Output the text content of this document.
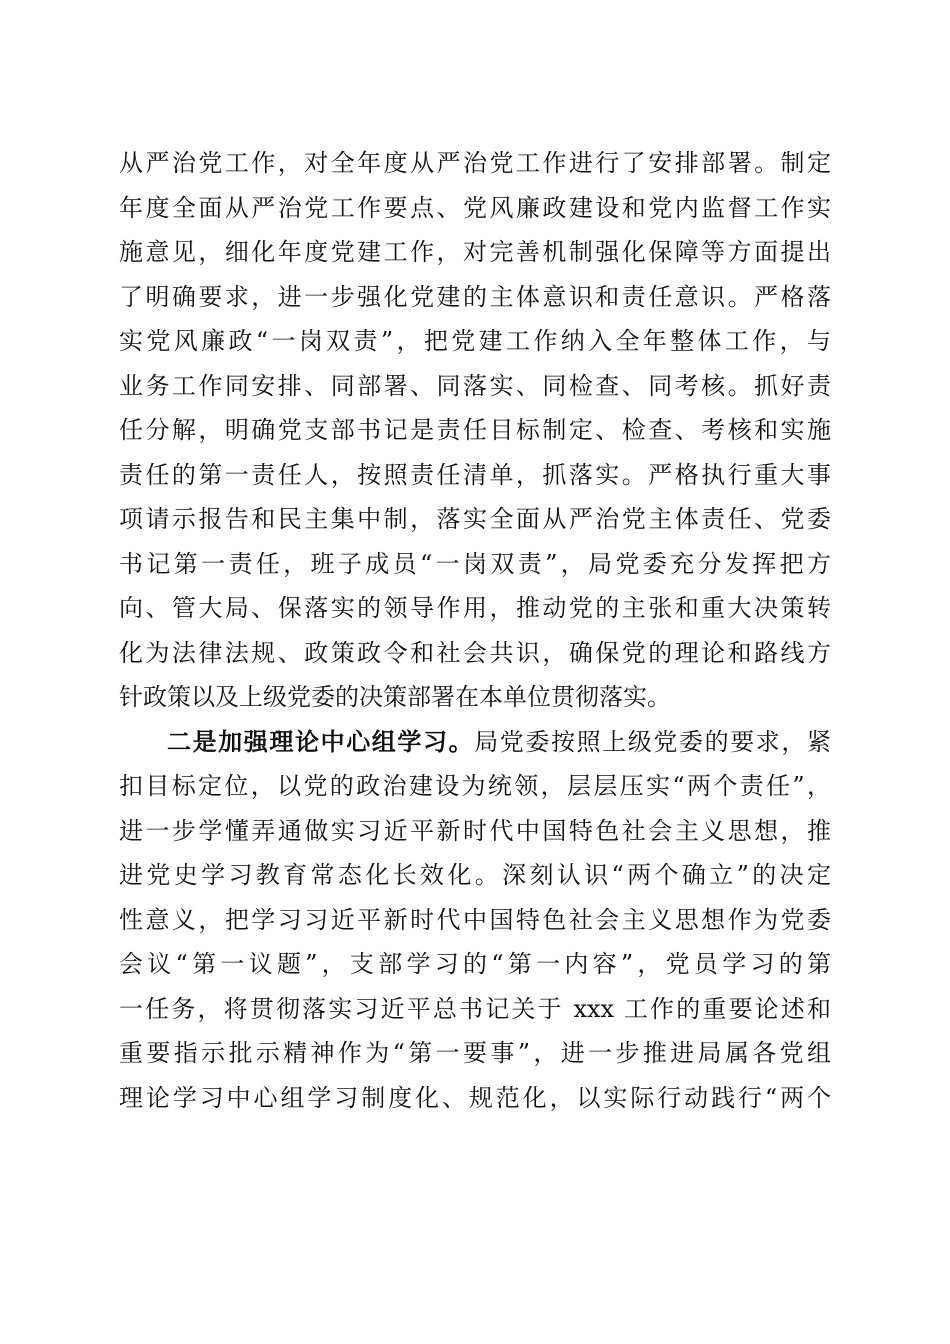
从严治党工作，对全年度从严治党工作进行了安排部署。制定
年度全面从严治党工作要点、党风廉政建设和党内监督工作实
施意见，细化年度党建工作，对完善机制强化保障等方面提出
了明确要求，进一步强化党建的主体意识和责任意识。严格落
实党风廉政“一岗双责”，把党建工作纳入全年整体工作，与
业务工作同安排、同部署、同落实、同检查、同考核。抓好责
任分解，明确党支部书记是责任目标制定、检查、考核和实施
责任的第一责任人，按照责任清单，抓落实。严格执行重大事
项请示报告和民主集中制，落实全面从严治党主体责任、党委
书记第一责任，班子成员“一岗双责”，局党委充分发挥把方
向、管大局、保落实的领导作用，推动党的主张和重大决策转
化为法律法规、政策政令和社会共识，确保党的理论和路线方
针政策以及上级党委的决策部署在本单位贯彻落实。
二是加强理论中心组学习。局党委按照上级党委的要求，紧
扣目标定位，以党的政治建设为统领，层层压实“两个责任”，
进一步学懂弄通做实习近平新时代中国特色社会主义思想，推
进党史学习教育常态化长效化。深刻认识“两个确立”的决定
性意义，把学习习近平新时代中国特色社会主义思想作为党委
会议“第一议题”，支部学习的“第一内容”，党员学习的第
一任务，将贯彻落实习近平总书记关于 xxx 工作的重要论述和
重要指示批示精神作为“第一要事”，进一步推进局属各党组
理论学习中心组学习制度化、规范化，以实际行动践行“两个
